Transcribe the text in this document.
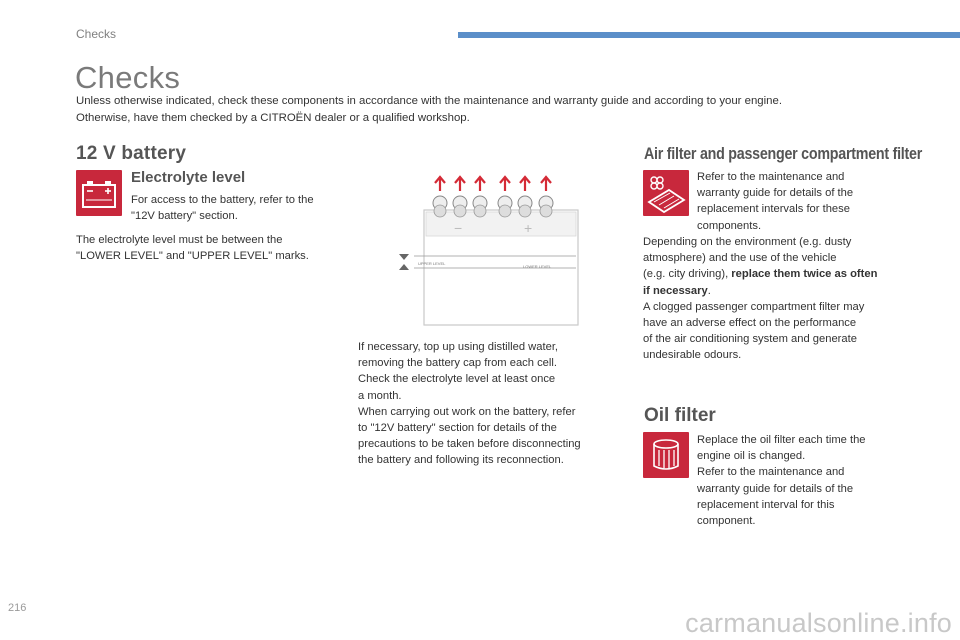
Checks
Checks
Unless otherwise indicated, check these components in accordance with the maintenance and warranty guide and according to your engine.
Otherwise, have them checked by a CITROËN dealer or a qualified workshop.
12 V battery
Electrolyte level
For access to the battery, refer to the
"12V battery" section.
The electrolyte level must be between the
"LOWER LEVEL" and "UPPER LEVEL" marks.
−	+
UPPER LEVEL
LOWER LEVEL
If necessary, top up using distilled water,
removing the battery cap from each cell.
Check the electrolyte level at least once
a month.
When carrying out work on the battery, refer
to "12V battery" section for details of the
precautions to be taken before disconnecting
the battery and following its reconnection.
Air filter and passenger compartment filter
Refer to the maintenance and
warranty guide for details of the
replacement intervals for these
components.
Depending on the environment (e.g. dusty
atmosphere) and the use of the vehicle
(e.g. city driving), replace them twice as often
if necessary.
A clogged passenger compartment filter may
have an adverse effect on the performance
of the air conditioning system and generate
undesirable odours.
Oil filter
Replace the oil filter each time the
engine oil is changed.
Refer to the maintenance and
warranty guide for details of the
replacement interval for this
component.
216	carmanualsonline.info
